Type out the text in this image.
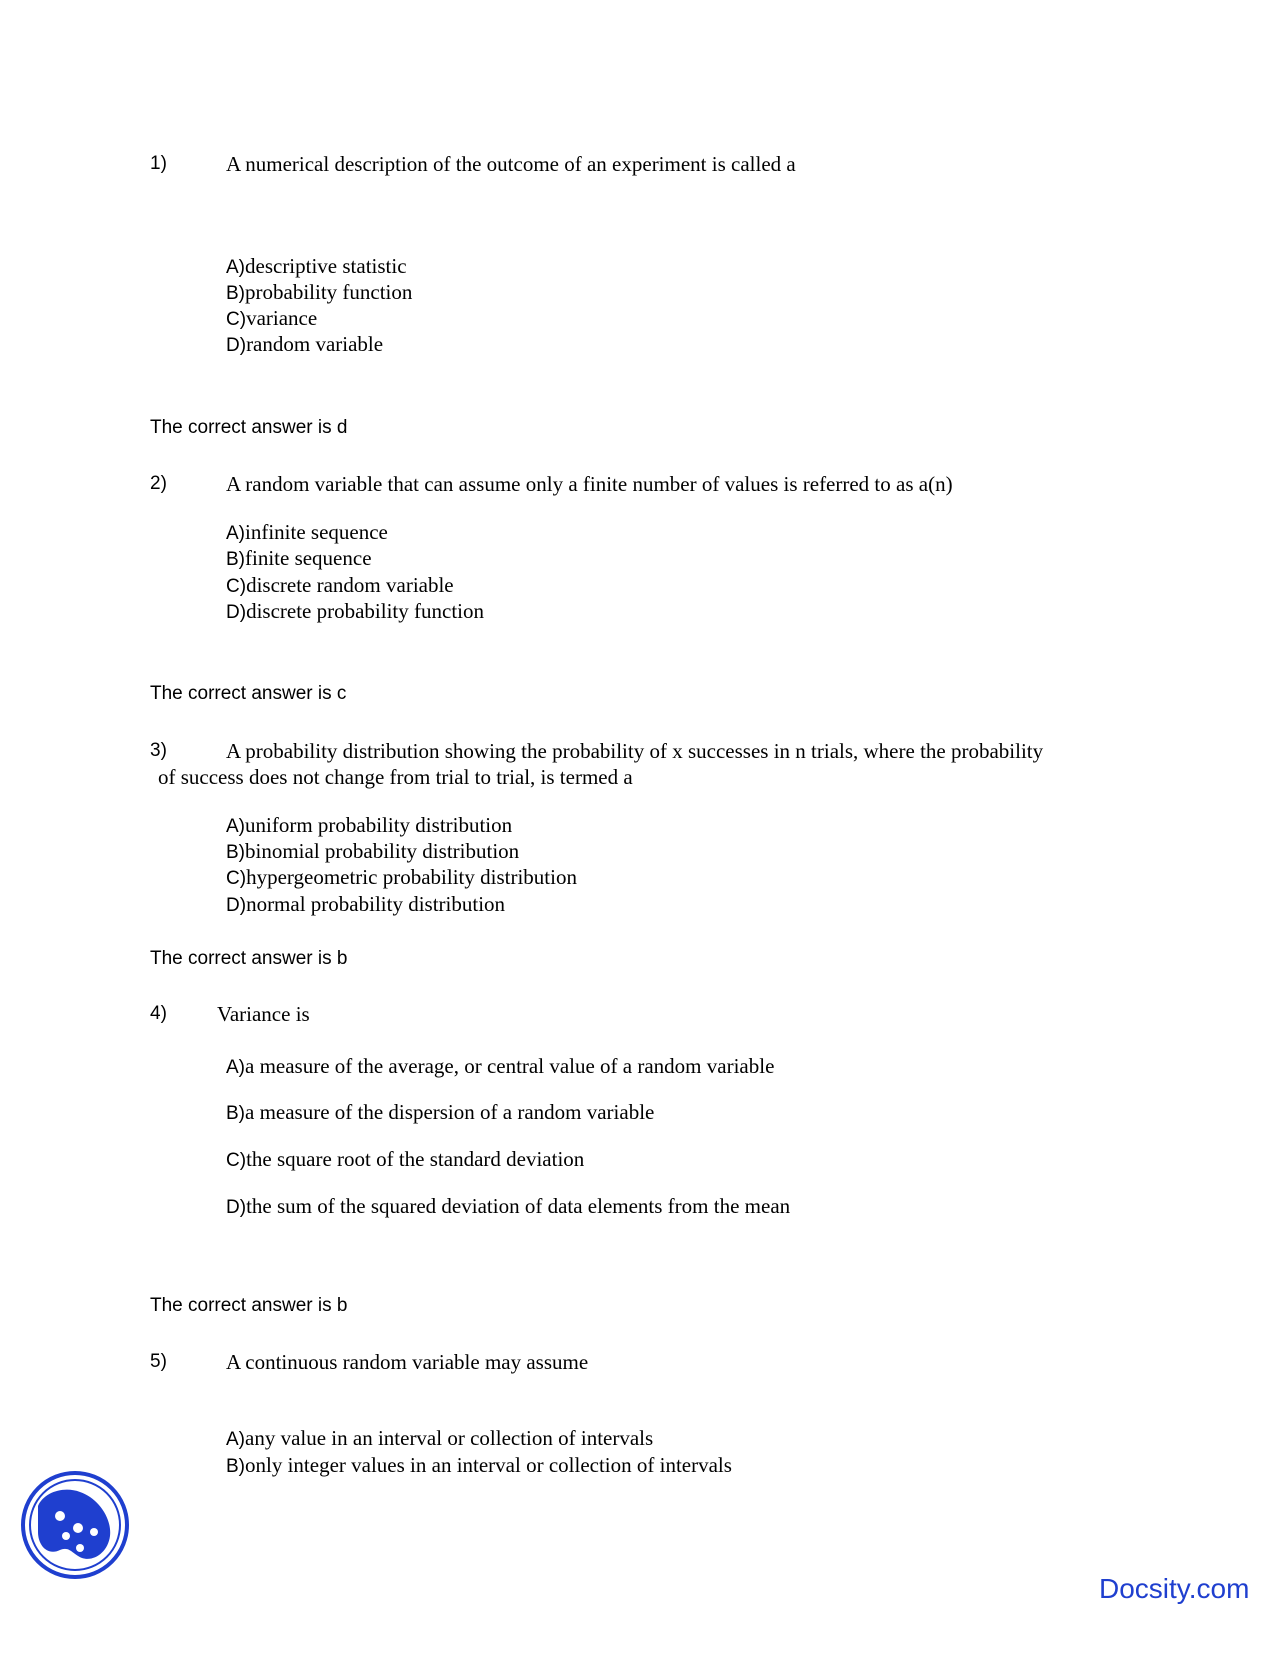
1)	A numerical description of the outcome of an experiment is called a
A)descriptive statistic
B)probability function
C)variance
D)random variable
The correct answer is d
2)	A random variable that can assume only a finite number of values is referred to as a(n)
A)infinite sequence
B)finite sequence
C)discrete random variable
D)discrete probability function
The correct answer is c
3)	A probability distribution showing the probability of x successes in n trials, where the probability
of success does not change from trial to trial, is termed a
A)uniform probability distribution
B)binomial probability distribution
C)hypergeometric probability distribution
D)normal probability distribution
The correct answer is b
4) Variance is
A)a measure of the average, or central value of a random variable
B)a measure of the dispersion of a random variable
C)the square root of the standard deviation
D)the sum of the squared deviation of data elements from the mean
The correct answer is b
5)	A continuous random variable may assume
A)any value in an interval or collection of intervals
B)only integer values in an interval or collection of intervals
Docsity.com
